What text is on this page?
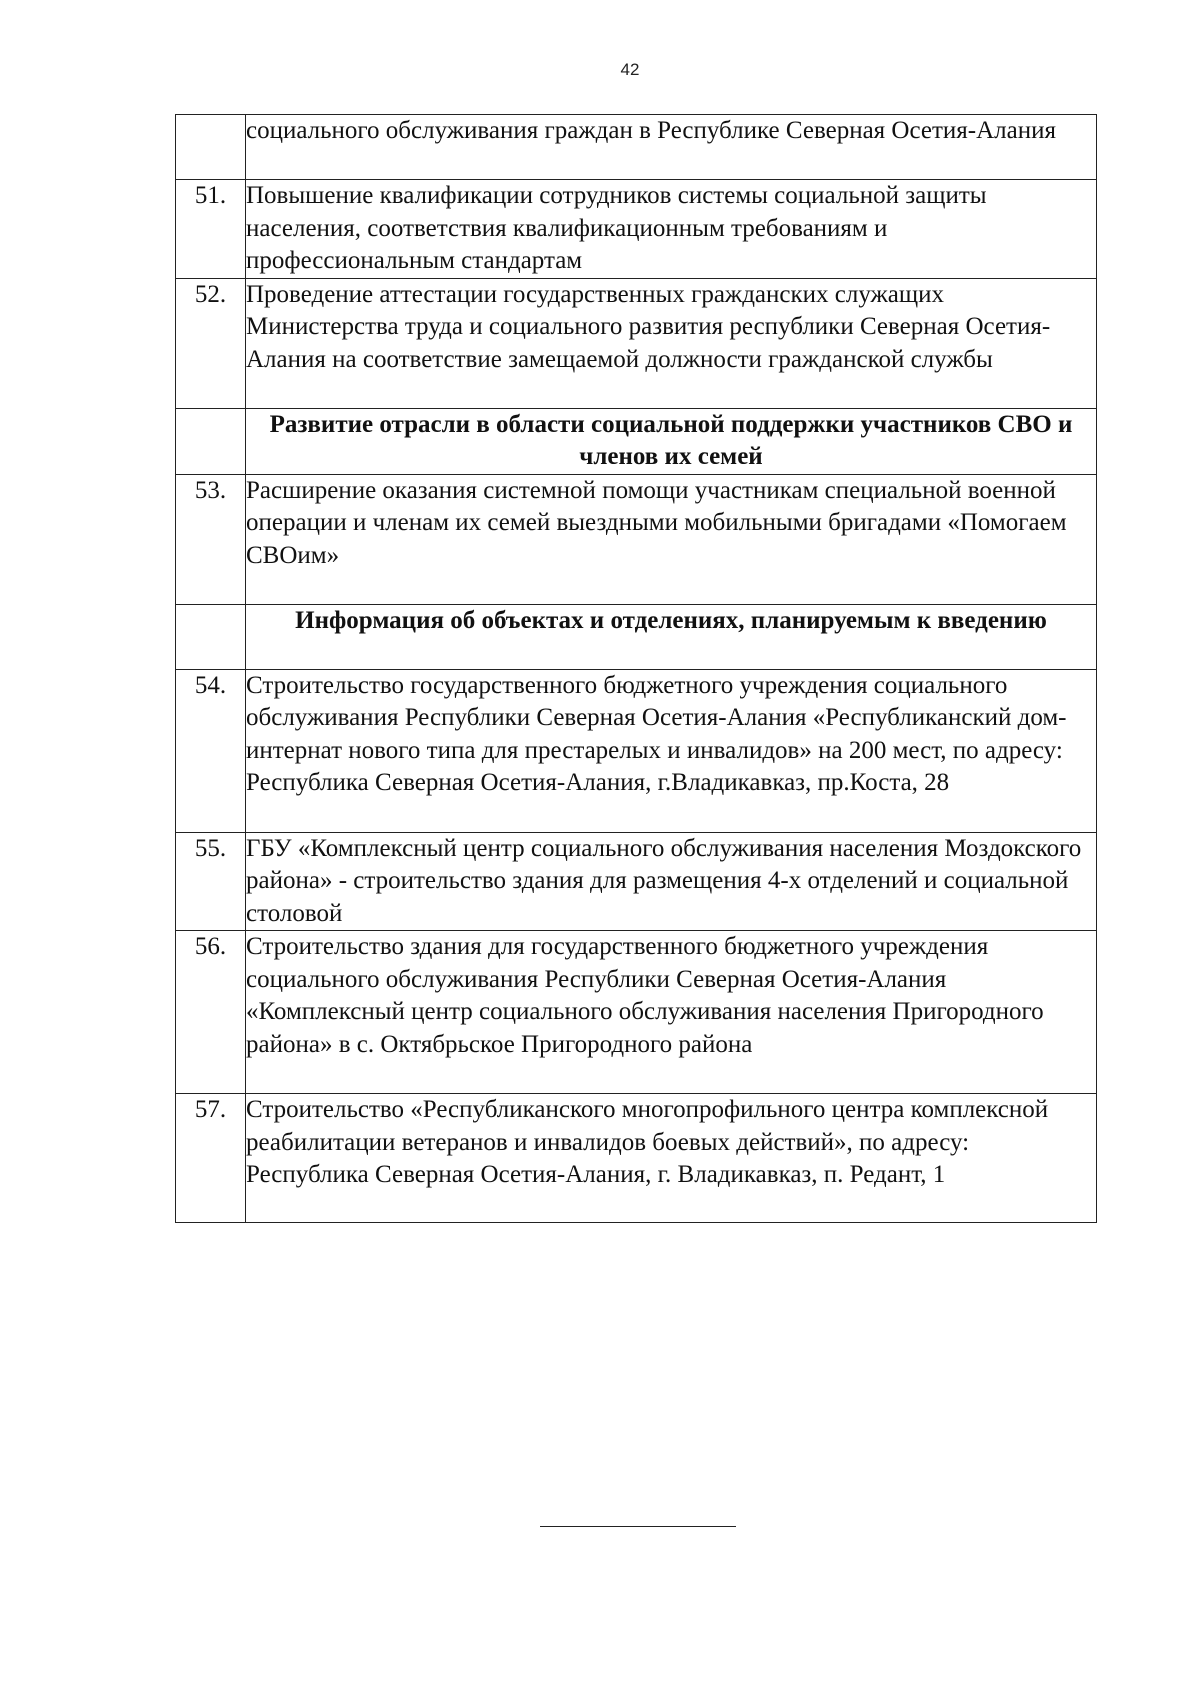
42
	социального обслуживания граждан в Республике Северная Осетия-Алания
51.	Повышение квалификации сотрудников системы социальной защиты населения, соответствия квалификационным требованиям и профессиональным стандартам
52.	Проведение аттестации государственных гражданских служащих Министерства труда и социального развития республики Северная Осетия-Алания на соответствие замещаемой должности гражданской службы
	Развитие отрасли в области социальной поддержки участников СВО и членов их семей
53.	Расширение оказания системной помощи участникам специальной военной операции и членам их семей выездными мобильными бригадами «Помогаем СВОим»
	Информация об объектах и отделениях, планируемым к введению
54.	Строительство государственного бюджетного учреждения социального обслуживания Республики Северная Осетия-Алания «Республиканский дом-интернат нового типа для престарелых и инвалидов» на 200 мест, по адресу: Республика Северная Осетия-Алания, г.Владикавказ, пр.Коста, 28
55.	ГБУ «Комплексный центр социального обслуживания населения Моздокского района» - строительство здания для размещения 4-х отделений и социальной столовой
56.	Строительство здания для государственного бюджетного учреждения социального обслуживания Республики Северная Осетия-Алания «Комплексный центр социального обслуживания населения Пригородного района» в с. Октябрьское Пригородного района
57.	Строительство «Республиканского многопрофильного центра комплексной реабилитации ветеранов и инвалидов боевых действий», по адресу: Республика Северная Осетия-Алания, г. Владикавказ, п. Редант, 1
